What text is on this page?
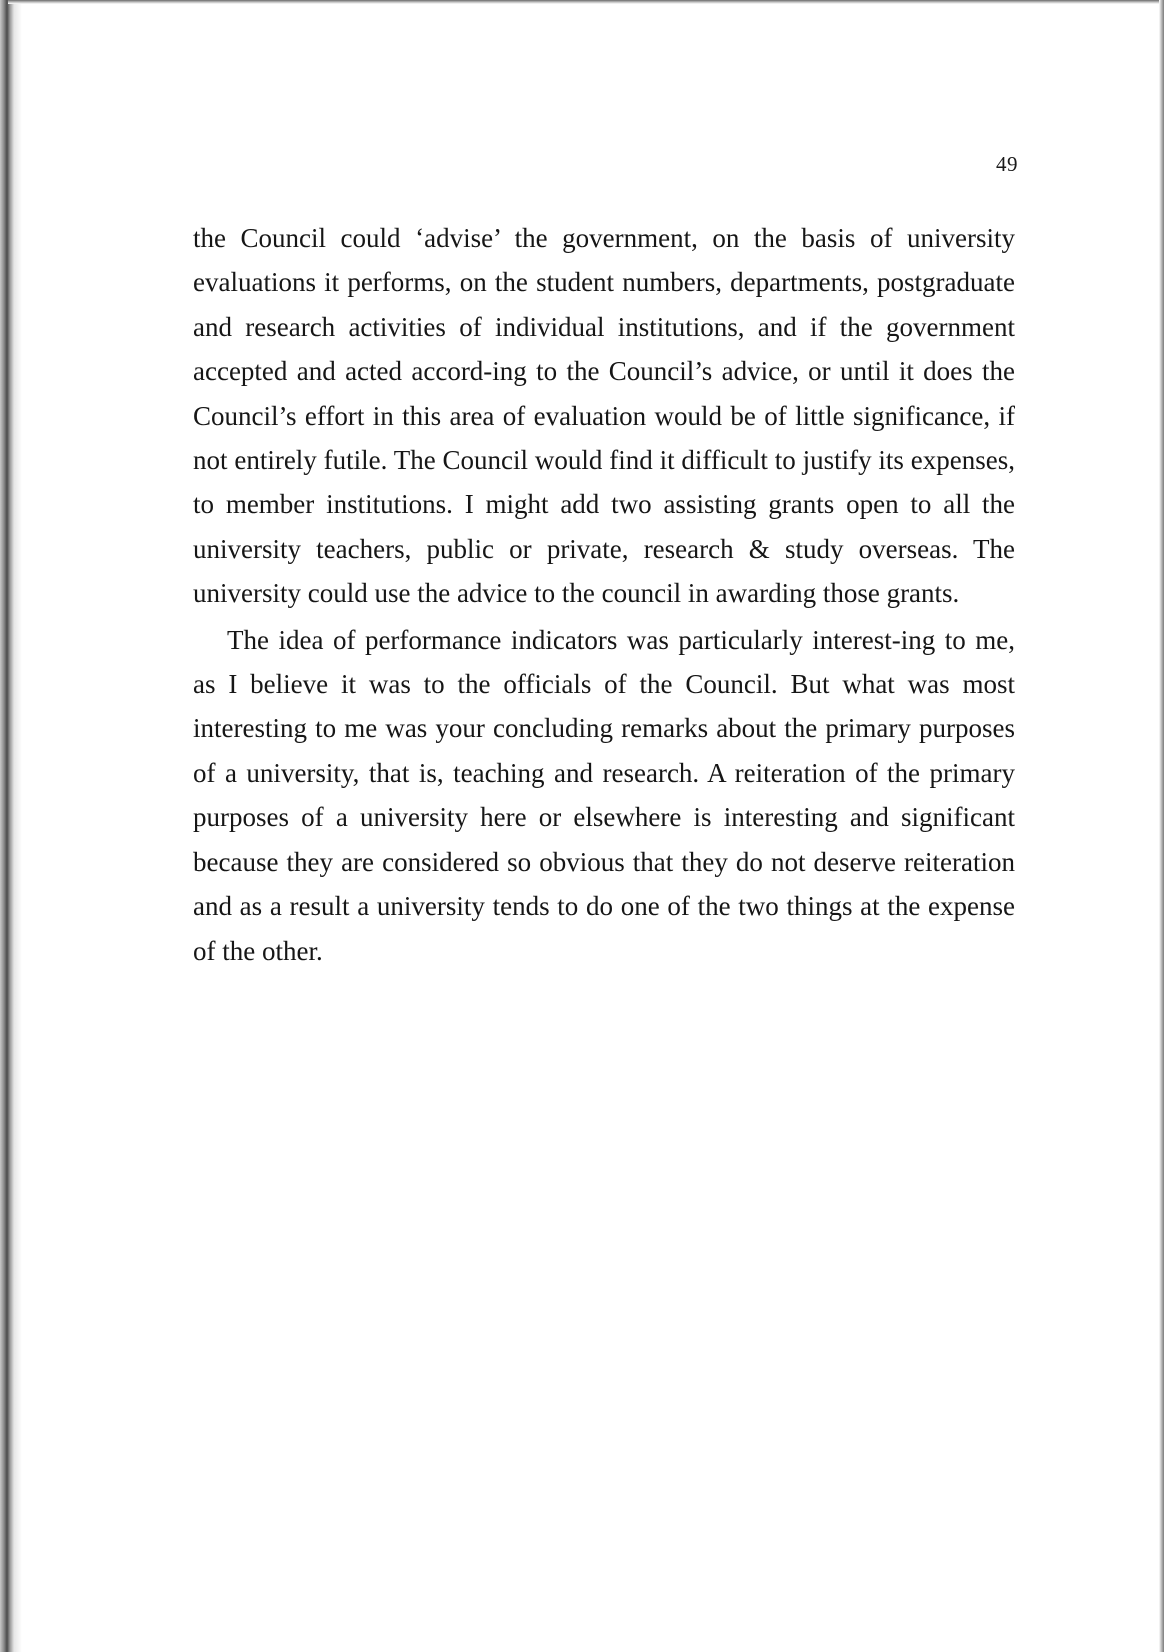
49

the Council could ‘advise’ the government, on the basis of university evaluations it performs, on the student numbers, departments, postgraduate and research activities of individual institutions, and if the government accepted and acted accord-ing to the Council’s advice, or until it does the Council’s effort in this area of evaluation would be of little significance, if not entirely futile. The Council would find it difficult to justify its expenses, to member institutions. I might add two assisting grants open to all the university teachers, public or private, research & study overseas. The university could use the advice to the council in awarding those grants.

The idea of performance indicators was particularly interest-ing to me, as I believe it was to the officials of the Council. But what was most interesting to me was your concluding remarks about the primary purposes of a university, that is, teaching and research. A reiteration of the primary purposes of a university here or elsewhere is interesting and significant because they are considered so obvious that they do not deserve reiteration and as a result a university tends to do one of the two things at the expense of the other.
